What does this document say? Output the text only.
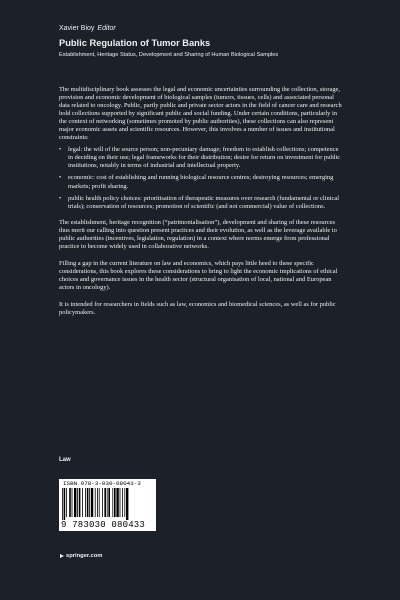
Xavier Bioy Editor
Public Regulation of Tumor Banks
Establishment, Heritage Status, Development and Sharing of Human Biological Samples

The multidisciplinary book assesses the legal and economic uncertainties surrounding the collection, storage, provision and economic development of biological samples (tumors, tissues, cells) and associated personal data related to oncology. Public, partly public and private sector actors in the field of cancer care and research hold collections supported by significant public and social funding. Under certain conditions, particularly in the context of networking (sometimes promoted by public authorities), these collections can also represent major economic assets and scientific resources. However, this involves a number of issues and institutional constraints:

• legal: the will of the source person; non-pecuniary damage; freedom to establish collections; competence in deciding on their use; legal frameworks for their distribution; desire for return on investment for public institutions, notably in terms of industrial and intellectual property.
• economic: cost of establishing and running biological resource centres; destroying resources; emerging markets; profit sharing.
• public health policy choices: prioritisation of therapeutic measures over research (fundamental or clinical trials); conservation of resources; promotion of scientific (and not commercial) value of collections.

The establishment, heritage recognition (“patrimonialisation”), development and sharing of these resources thus merit our calling into question present practices and their evolution, as well as the leverage available to public authorities (incentives, legislation, regulation) in a context where norms emerge from professional practice to become widely used in collaborative networks.

Filling a gap in the current literature on law and economics, which pays little heed to these specific considerations, this book explores these considerations to bring to light the economic implications of ethical choices and governance issues in the health sector (structural organisation of local, national and European actors in oncology).

It is intended for researchers in fields such as law, economics and biomedical sciences, as well as for public policymakers.

Law
ISBN 978-3-030-08043-3
9 783030 080433
springer.com
